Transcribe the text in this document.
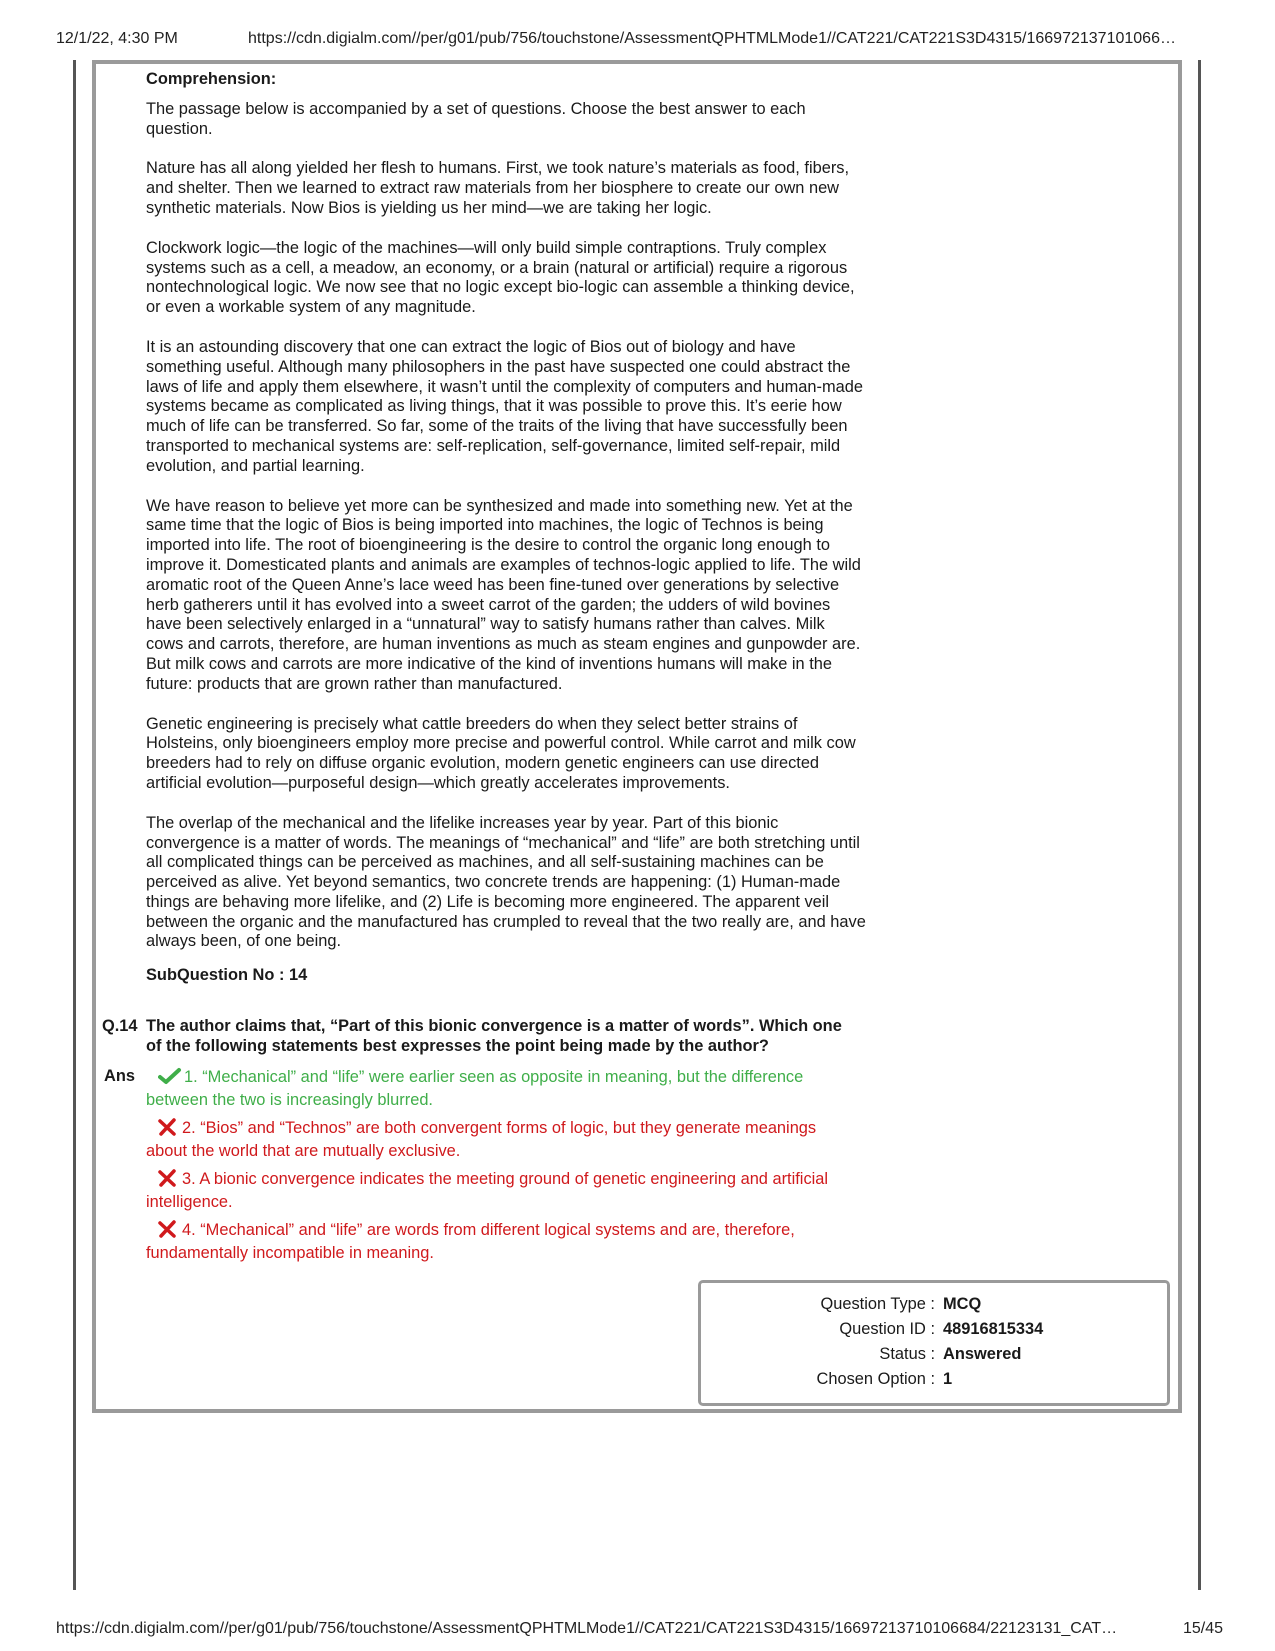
12/1/22, 4:30 PM	https://cdn.digialm.com//per/g01/pub/756/touchstone/AssessmentQPHTMLMode1//CAT221/CAT221S3D4315/166972137101066…
Comprehension:

The passage below is accompanied by a set of questions. Choose the best answer to each question.

Nature has all along yielded her flesh to humans. First, we took nature’s materials as food, fibers, and shelter. Then we learned to extract raw materials from her biosphere to create our own new synthetic materials. Now Bios is yielding us her mind—we are taking her logic.

Clockwork logic—the logic of the machines—will only build simple contraptions. Truly complex systems such as a cell, a meadow, an economy, or a brain (natural or artificial) require a rigorous nontechnological logic. We now see that no logic except bio-logic can assemble a thinking device, or even a workable system of any magnitude.

It is an astounding discovery that one can extract the logic of Bios out of biology and have something useful. Although many philosophers in the past have suspected one could abstract the laws of life and apply them elsewhere, it wasn’t until the complexity of computers and human-made systems became as complicated as living things, that it was possible to prove this. It’s eerie how much of life can be transferred. So far, some of the traits of the living that have successfully been transported to mechanical systems are: self-replication, self-governance, limited self-repair, mild evolution, and partial learning.

We have reason to believe yet more can be synthesized and made into something new. Yet at the same time that the logic of Bios is being imported into machines, the logic of Technos is being imported into life. The root of bioengineering is the desire to control the organic long enough to improve it. Domesticated plants and animals are examples of technos-logic applied to life. The wild aromatic root of the Queen Anne’s lace weed has been fine-tuned over generations by selective herb gatherers until it has evolved into a sweet carrot of the garden; the udders of wild bovines have been selectively enlarged in a “unnatural” way to satisfy humans rather than calves. Milk cows and carrots, therefore, are human inventions as much as steam engines and gunpowder are. But milk cows and carrots are more indicative of the kind of inventions humans will make in the future: products that are grown rather than manufactured.

Genetic engineering is precisely what cattle breeders do when they select better strains of Holsteins, only bioengineers employ more precise and powerful control. While carrot and milk cow breeders had to rely on diffuse organic evolution, modern genetic engineers can use directed artificial evolution—purposeful design—which greatly accelerates improvements.

The overlap of the mechanical and the lifelike increases year by year. Part of this bionic convergence is a matter of words. The meanings of “mechanical” and “life” are both stretching until all complicated things can be perceived as machines, and all self-sustaining machines can be perceived as alive. Yet beyond semantics, two concrete trends are happening: (1) Human-made things are behaving more lifelike, and (2) Life is becoming more engineered. The apparent veil between the organic and the manufactured has crumpled to reveal that the two really are, and have always been, of one being.

SubQuestion No : 14
Q.14 The author claims that, “Part of this bionic convergence is a matter of words”. Which one of the following statements best expresses the point being made by the author?
Ans	1. “Mechanical” and “life” were earlier seen as opposite in meaning, but the difference between the two is increasingly blurred.
2. “Bios” and “Technos” are both convergent forms of logic, but they generate meanings about the world that are mutually exclusive.
3. A bionic convergence indicates the meeting ground of genetic engineering and artificial intelligence.
4. “Mechanical” and “life” are words from different logical systems and are, therefore, fundamentally incompatible in meaning.
Question Type : MCQ
Question ID : 48916815334
Status : Answered
Chosen Option : 1
https://cdn.digialm.com//per/g01/pub/756/touchstone/AssessmentQPHTMLMode1//CAT221/CAT221S3D4315/16697213710106684/22123131_CAT…	15/45
